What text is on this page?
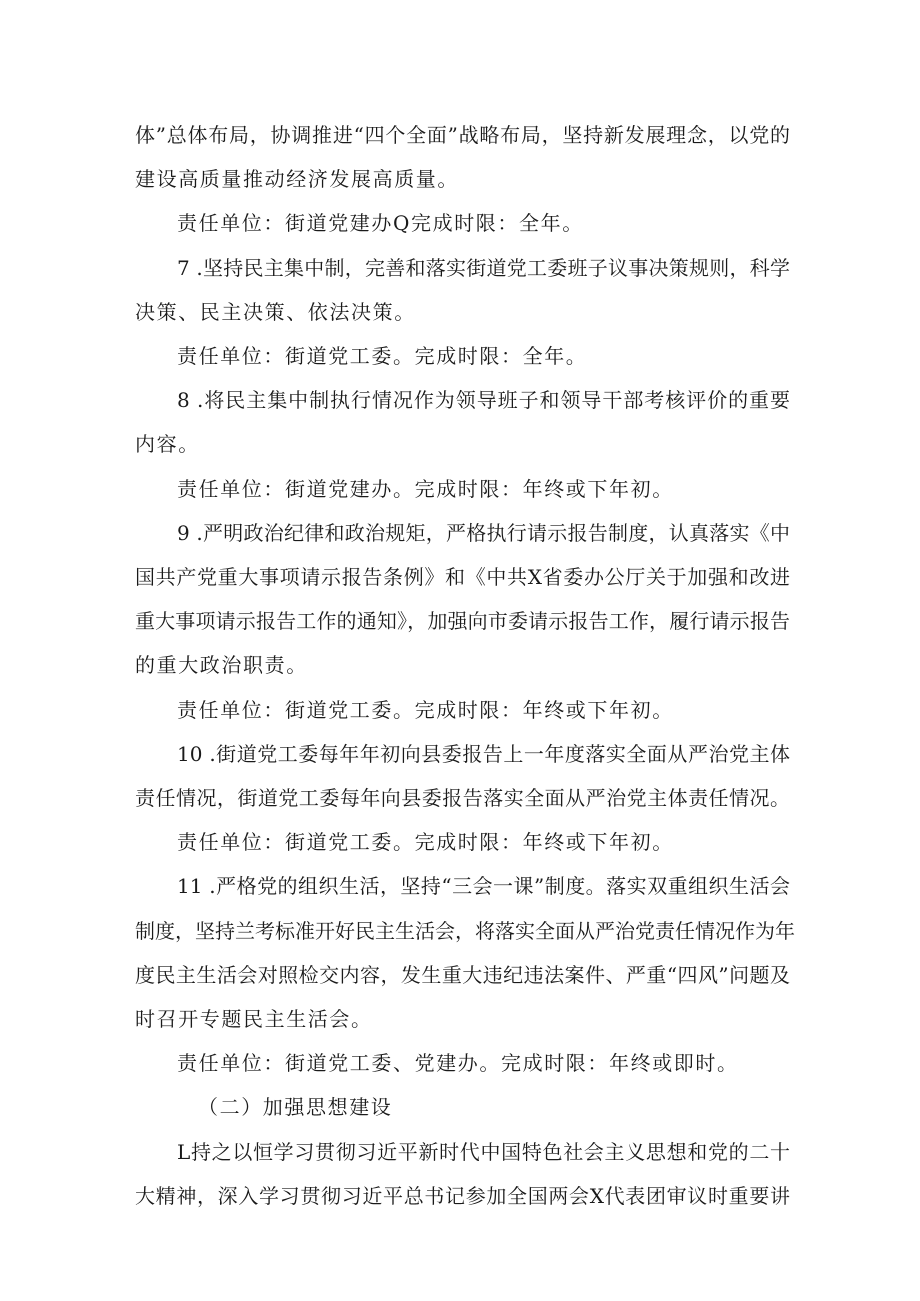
体”总体布局，协调推进“四个全面”战略布局，坚持新发展理念，以党的
建设高质量推动经济发展高质量。
责任单位：街道党建办Q完成时限：全年。
7 .坚持民主集中制，完善和落实街道党工委班子议事决策规则，科学
决策、民主决策、依法决策。
责任单位：街道党工委。完成时限：全年。
8 .将民主集中制执行情况作为领导班子和领导干部考核评价的重要
内容。
责任单位：街道党建办。完成时限：年终或下年初。
9 .严明政治纪律和政治规矩，严格执行请示报告制度，认真落实《中
国共产党重大事项请示报告条例》和《中共X省委办公厅关于加强和改进
重大事项请示报告工作的通知》，加强向市委请示报告工作，履行请示报告
的重大政治职责。
责任单位：街道党工委。完成时限：年终或下年初。
10 .街道党工委每年年初向县委报告上一年度落实全面从严治党主体
责任情况，街道党工委每年向县委报告落实全面从严治党主体责任情况。
责任单位：街道党工委。完成时限：年终或下年初。
11 .严格党的组织生活，坚持“三会一课”制度。落实双重组织生活会
制度，坚持兰考标准开好民主生活会，将落实全面从严治党责任情况作为年
度民主生活会对照检交内容，发生重大违纪违法案件、严重“四风”问题及
时召开专题民主生活会。
责任单位：街道党工委、党建办。完成时限：年终或即时。
（二）加强思想建设
L持之以恒学习贯彻习近平新时代中国特色社会主义思想和党的二十
大精神，深入学习贯彻习近平总书记参加全国两会X代表团审议时重要讲
